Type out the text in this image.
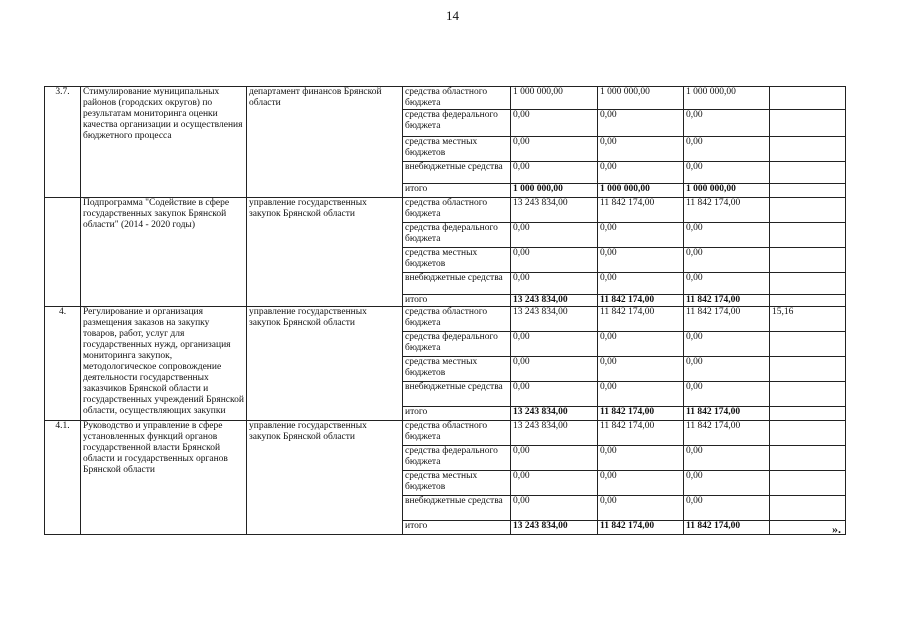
14
3.7.	Стимулирование муниципальных районов (городских округов) по результатам мониторинга оценки качества организации и осуществления бюджетного процесса	департамент финансов Брянской области	средства областного бюджета	1 000 000,00	1 000 000,00	1 000 000,00	
			средства федерального бюджета	0,00	0,00	0,00	
			средства местных бюджетов	0,00	0,00	0,00	
			внебюджетные средства	0,00	0,00	0,00	
			итого	1 000 000,00	1 000 000,00	1 000 000,00	
	Подпрограмма "Содействие в сфере государственных закупок Брянской области" (2014 - 2020 годы)	управление государственных закупок Брянской области	средства областного бюджета	13 243 834,00	11 842 174,00	11 842 174,00	
			средства федерального бюджета	0,00	0,00	0,00	
			средства местных бюджетов	0,00	0,00	0,00	
			внебюджетные средства	0,00	0,00	0,00	
			итого	13 243 834,00	11 842 174,00	11 842 174,00	
4.	Регулирование и организация размещения заказов на закупку товаров, работ, услуг для государственных нужд, организация мониторинга закупок, методологическое сопровождение деятельности государственных заказчиков Брянской области и государственных учреждений Брянской области, осуществляющих закупки	управление государственных закупок Брянской области	средства областного бюджета	13 243 834,00	11 842 174,00	11 842 174,00	15,16
			средства федерального бюджета	0,00	0,00	0,00	
			средства местных бюджетов	0,00	0,00	0,00	
			внебюджетные средства	0,00	0,00	0,00	
			итого	13 243 834,00	11 842 174,00	11 842 174,00	
4.1.	Руководство и управление в сфере установленных функций органов государственной власти Брянской области и государственных органов Брянской области	управление государственных закупок Брянской области	средства областного бюджета	13 243 834,00	11 842 174,00	11 842 174,00	
			средства федерального бюджета	0,00	0,00	0,00	
			средства местных бюджетов	0,00	0,00	0,00	
			внебюджетные средства	0,00	0,00	0,00	
			итого	13 243 834,00	11 842 174,00	11 842 174,00	».
